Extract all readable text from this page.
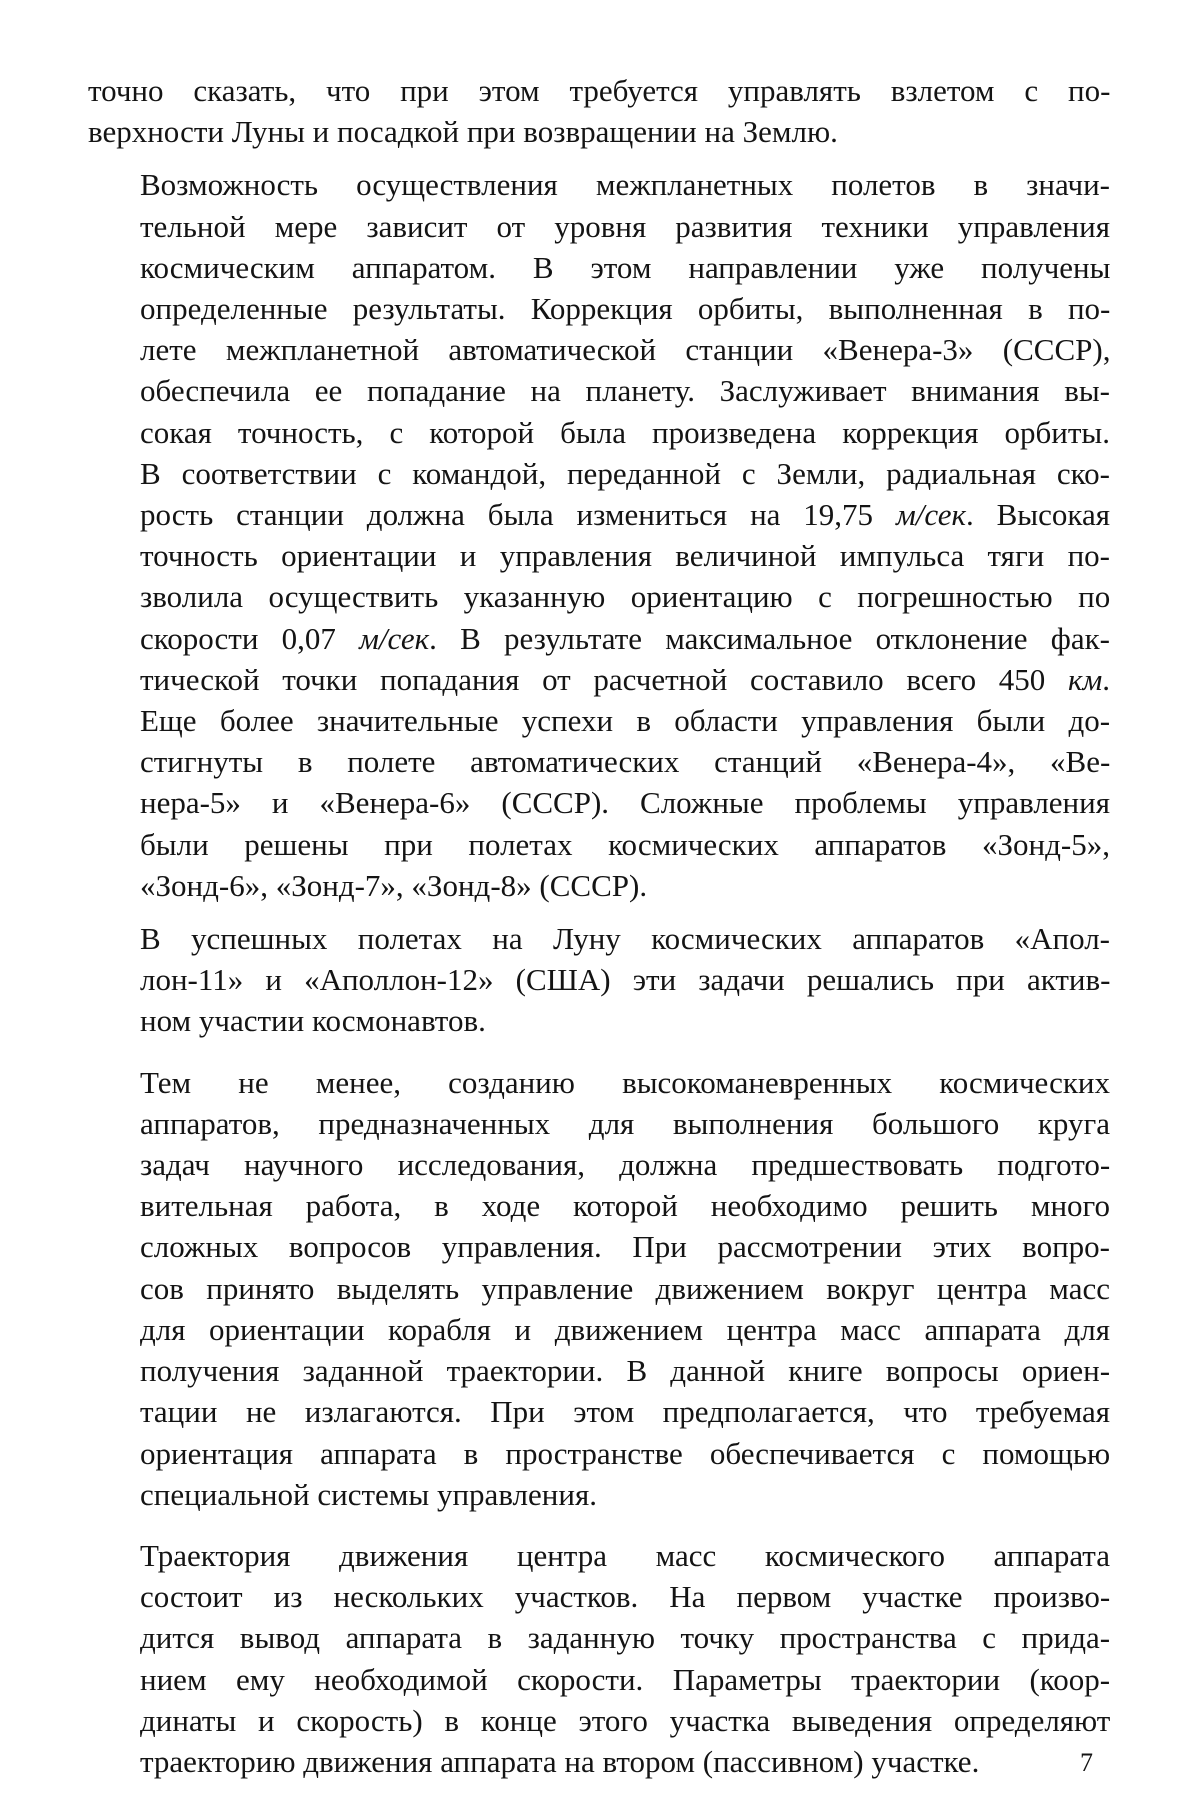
точно сказать, что при этом требуется управлять взлетом с по-
верхности Луны и посадкой при возвращении на Землю.

Возможность осуществления межпланетных полетов в значи-
тельной мере зависит от уровня развития техники управления
космическим аппаратом. В этом направлении уже получены
определенные результаты. Коррекция орбиты, выполненная в по-
лете межпланетной автоматической станции «Венера-3» (СССР),
обеспечила ее попадание на планету. Заслуживает внимания вы-
сокая точность, с которой была произведена коррекция орбиты.
В соответствии с командой, переданной с Земли, радиальная ско-
рость станции должна была измениться на 19,75 м/сек. Высокая
точность ориентации и управления величиной импульса тяги по-
зволила осуществить указанную ориентацию с погрешностью по
скорости 0,07 м/сек. В результате максимальное отклонение фак-
тической точки попадания от расчетной составило всего 450 км.
Еще более значительные успехи в области управления были до-
стигнуты в полете автоматических станций «Венера-4», «Ве-
нера-5» и «Венера-6» (СССР). Сложные проблемы управления
были решены при полетах космических аппаратов «Зонд-5»,
«Зонд-6», «Зонд-7», «Зонд-8» (СССР).

В успешных полетах на Луну космических аппаратов «Апол-
лон-11» и «Аполлон-12» (США) эти задачи решались при актив-
ном участии космонавтов.

Тем не менее, созданию высокоманевренных космических
аппаратов, предназначенных для выполнения большого круга
задач научного исследования, должна предшествовать подгото-
вительная работа, в ходе которой необходимо решить много
сложных вопросов управления. При рассмотрении этих вопро-
сов принято выделять управление движением вокруг центра масс
для ориентации корабля и движением центра масс аппарата для
получения заданной траектории. В данной книге вопросы ориен-
тации не излагаются. При этом предполагается, что требуемая
ориентация аппарата в пространстве обеспечивается с помощью
специальной системы управления.

Траектория движения центра масс космического аппарата
состоит из нескольких участков. На первом участке произво-
дится вывод аппарата в заданную точку пространства с прида-
нием ему необходимой скорости. Параметры траектории (коор-
динаты и скорость) в конце этого участка выведения определяют
траекторию движения аппарата на втором (пассивном) участке.	7
